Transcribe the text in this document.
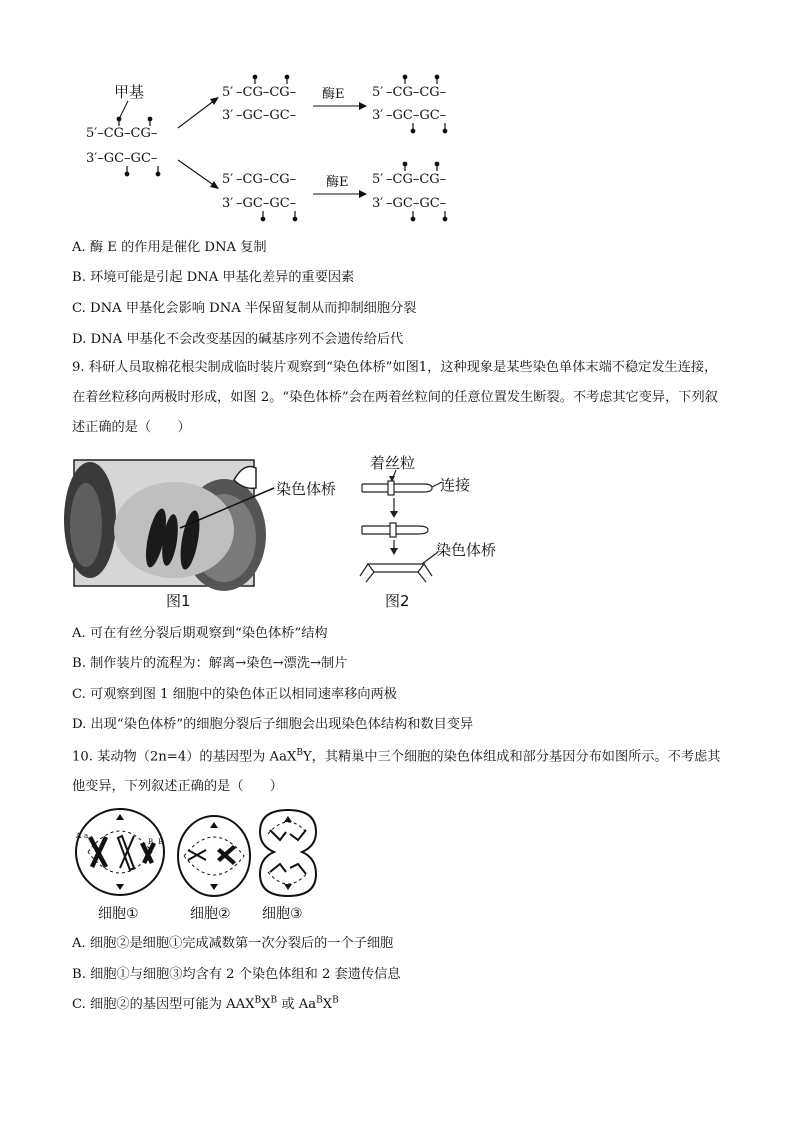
甲基
5′–CG–CG–
3′–GC–GC–
5′ –CG–CG–
3′ –GC–GC–
酶E 5′ –CG–CG–
3′ –GC–GC–
5′ –CG–CG–
3′ –GC–GC–
酶E 5′ –CG–CG–
3′ –GC–GC–
A. 酶 E 的作用是催化 DNA 复制
B. 环境可能是引起 DNA 甲基化差异的重要因素
C. DNA 甲基化会影响 DNA 半保留复制从而抑制细胞分裂
D. DNA 甲基化不会改变基因的碱基序列不会遗传给后代
9. 科研人员取棉花根尖制成临时装片观察到“染色体桥”如图1，这种现象是某些染色单体末端不稳定发生连接，在着丝粒移向两极时形成，如图 2。“染色体桥”会在两着丝粒间的任意位置发生断裂。不考虑其它变异，下列叙述正确的是（　　）
染色体桥
图1
着丝粒
连接
染色体桥
图2
A. 可在有丝分裂后期观察到“染色体桥”结构
B. 制作装片的流程为：解离→染色→漂洗→制片
C. 可观察到图 1 细胞中的染色体正以相同速率移向两极
D. 出现“染色体桥”的细胞分裂后子细胞会出现染色体结构和数目变异
10. 某动物（2n=4）的基因型为 AaX$^B$Y，其精巢中三个细胞的染色体组成和部分基因分布如图所示。不考虑其他变异，下列叙述正确的是（　　）
A a
B B
细胞①	细胞② 细胞③
A. 细胞②是细胞①完成减数第一次分裂后的一个子细胞
B. 细胞①与细胞③均含有 2 个染色体组和 2 套遗传信息
C. 细胞②的基因型可能为 $AAX^BX^B$ 或 $Aa^BX^B$
